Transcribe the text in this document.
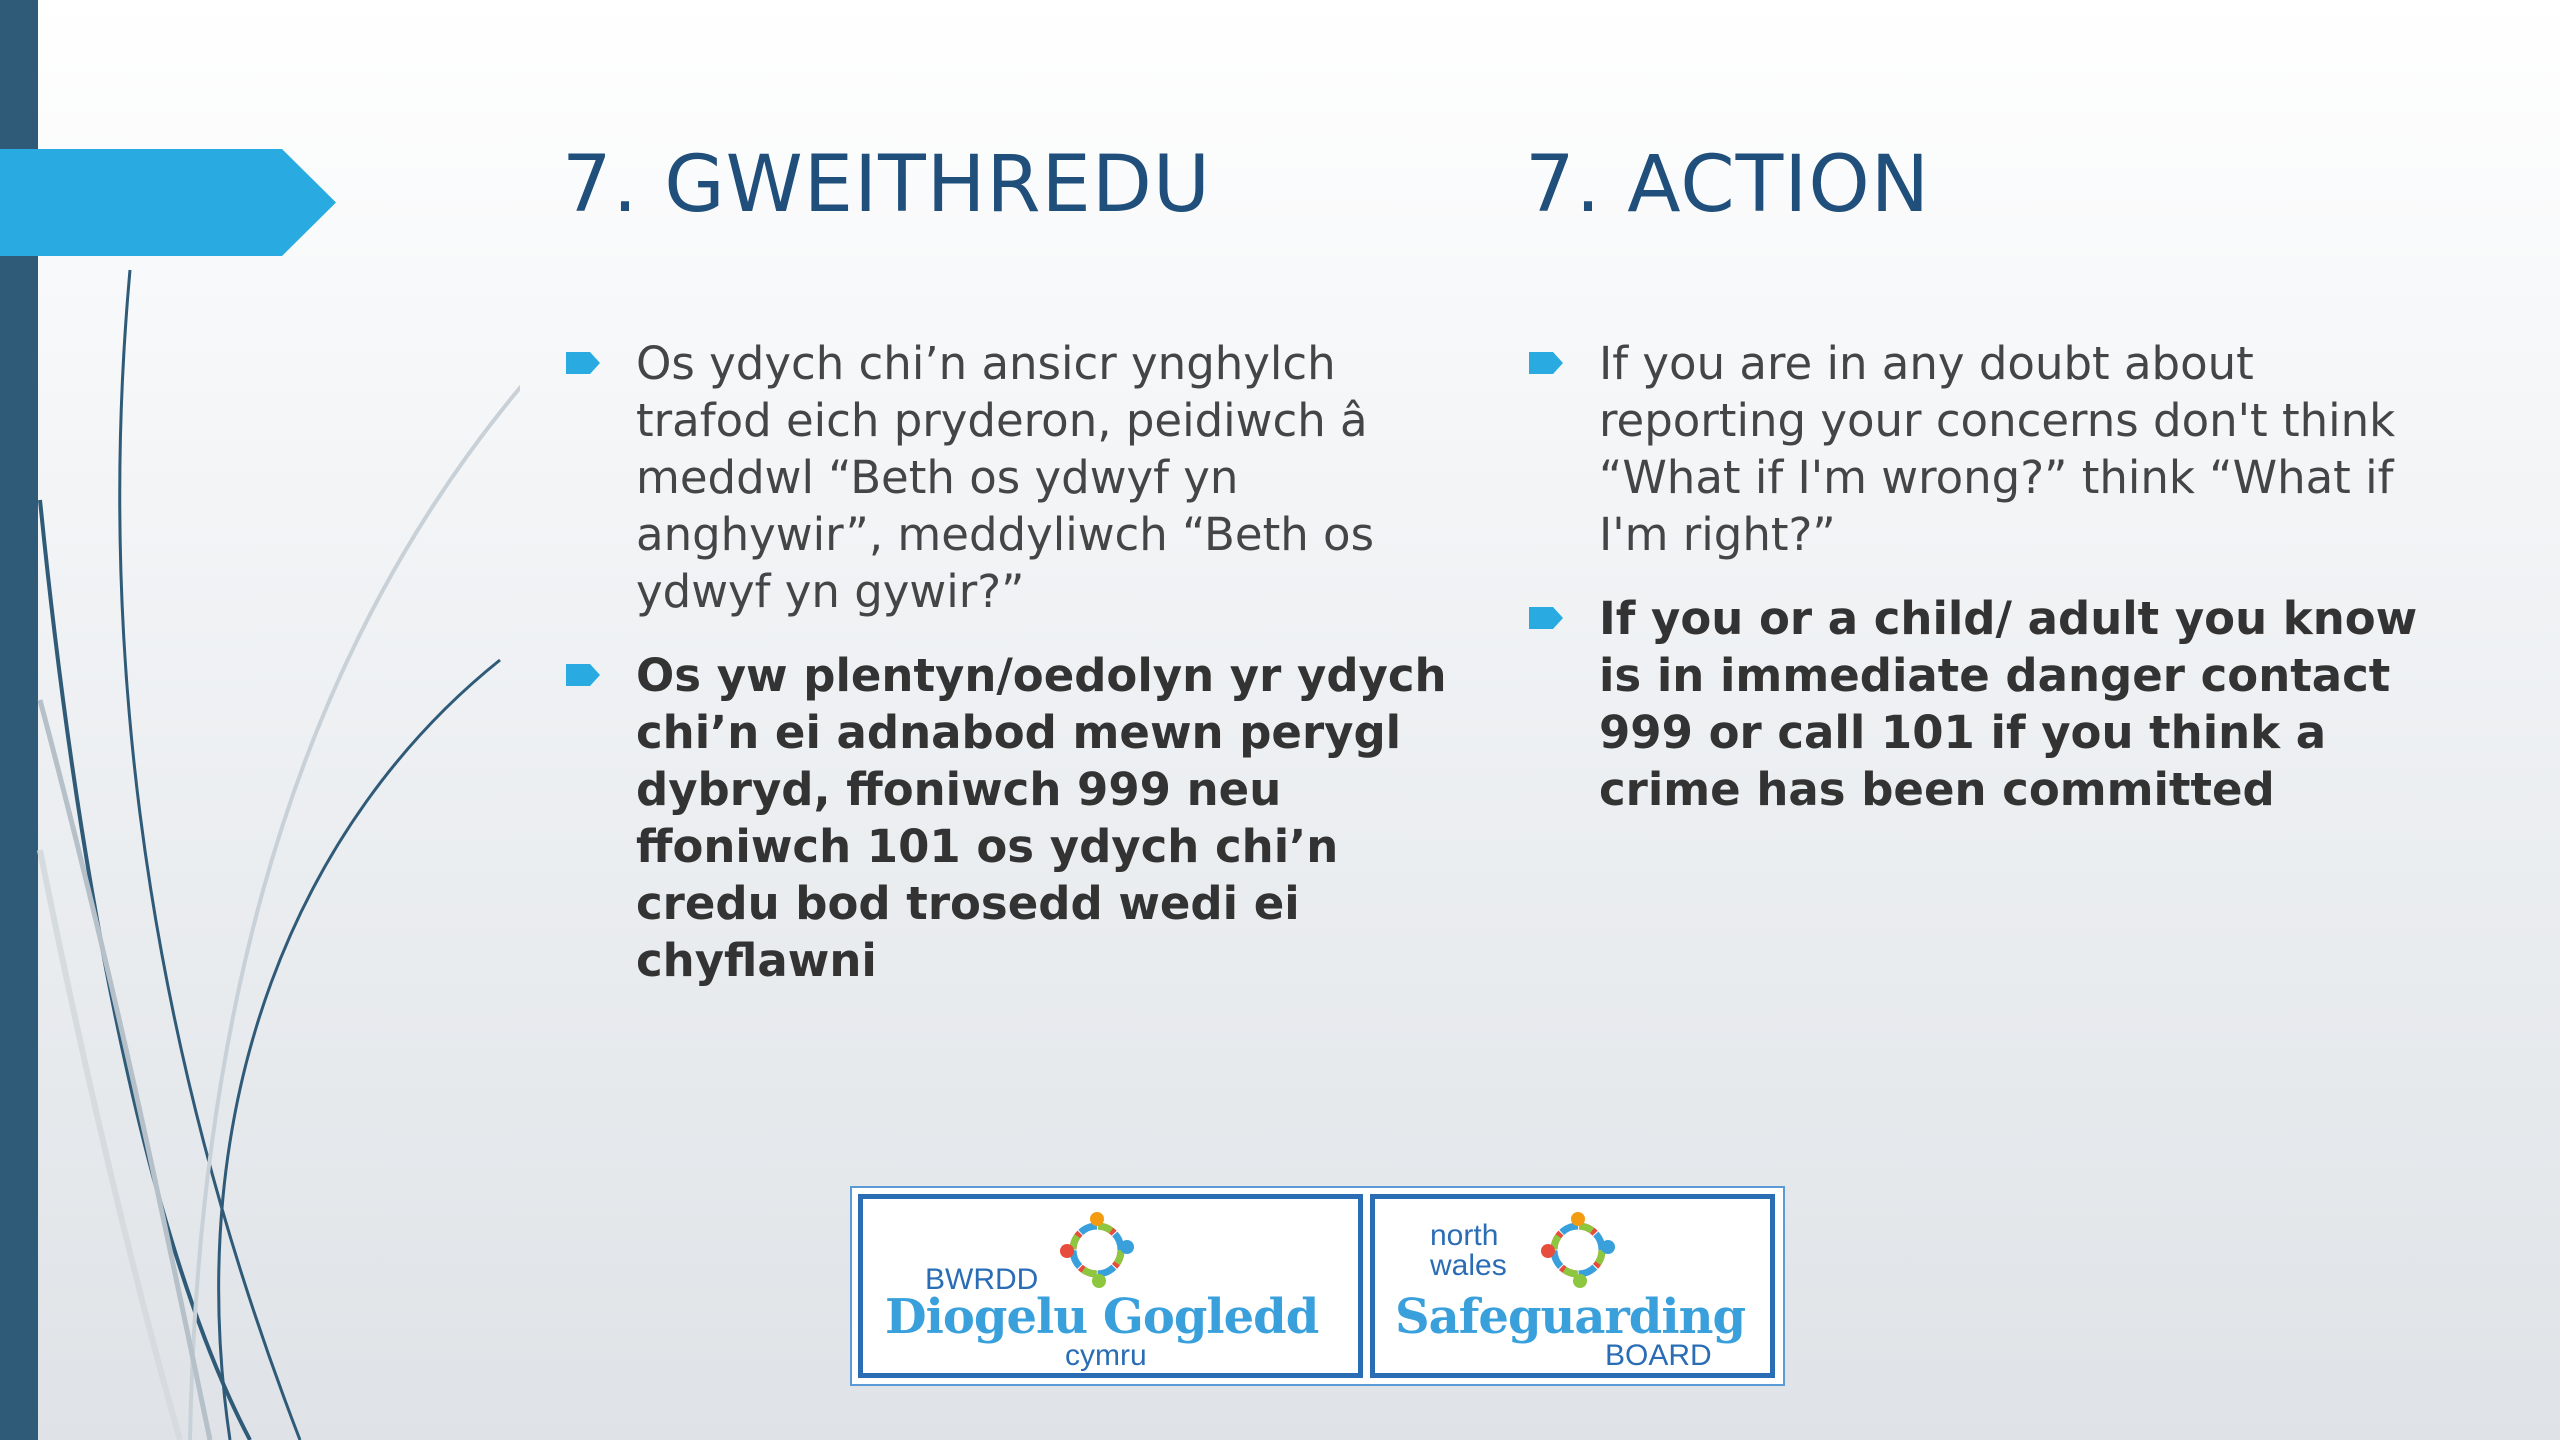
7. GWEITHREDU	7. ACTION
Os ydych chi’n ansicr ynghylch trafod eich pryderon, peidiwch â meddwl “Beth os ydwyf yn anghywir”, meddyliwch “Beth os ydwyf yn gywir?”
Os yw plentyn/oedolyn yr ydych chi’n ei adnabod mewn perygl dybryd, ffoniwch 999 neu ffoniwch 101 os ydych chi’n credu bod trosedd wedi ei chyflawni
If you are in any doubt about reporting your concerns don't think “What if I'm wrong?” think “What if I'm right?”
If you or a child/ adult you know is in immediate danger contact 999 or call 101 if you think a crime has been committed
BWRDD
Diogelu Gogledd
cymru
north
wales
Safeguarding
BOARD
